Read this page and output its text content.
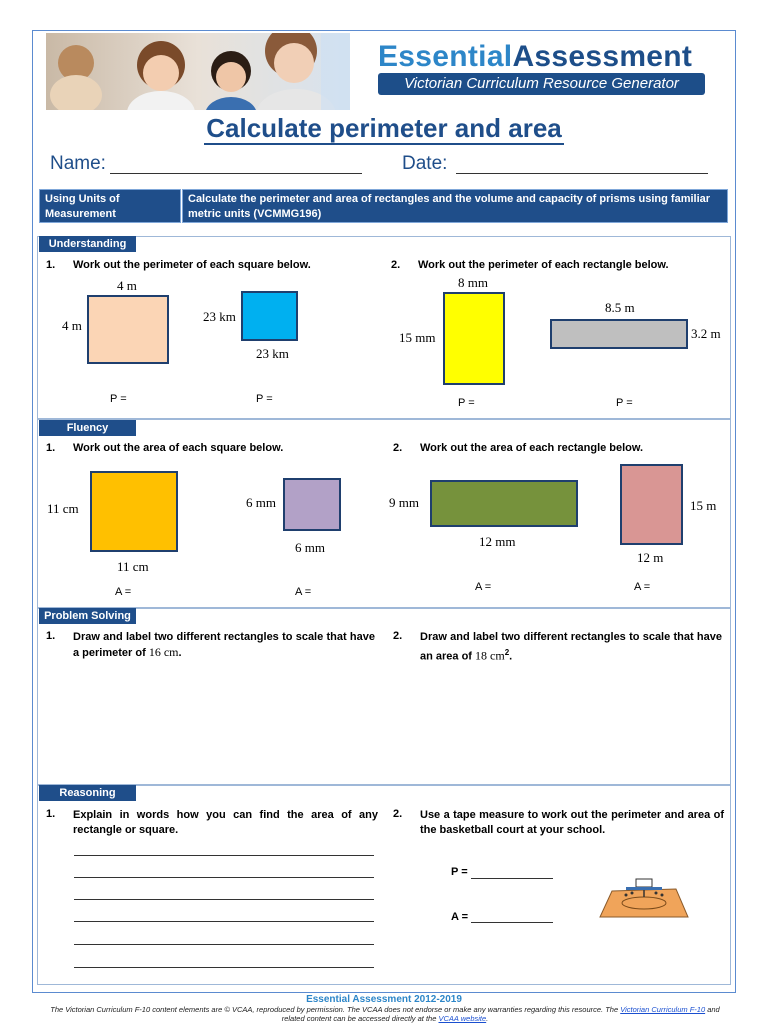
EssentialAssessment
Victorian Curriculum Resource Generator
Calculate perimeter and area
Name:	Date:
Using Units of Measurement
Calculate the perimeter and area of rectangles and the volume and capacity of prisms using familiar metric units (VCMMG196)
Understanding
1. Work out the perimeter of each square below.	2. Work out the perimeter of each rectangle below.
4 m
4 m
P =
23 km
23 km
P =
8 mm
15 mm
P =
8.5 m
3.2 m
P =
Fluency
1. Work out the area of each square below.	2. Work out the area of each rectangle below.
11 cm
11 cm
A =
6 mm
6 mm
A =
9 mm
12 mm
A =
15 m
12 m
A =
Problem Solving
1. Draw and label two different rectangles to scale that have a perimeter of 16 cm.
2. Draw and label two different rectangles to scale that have an area of 18 $cm^2$.
Reasoning
1. Explain in words how you can find the area of any rectangle or square.
2. Use a tape measure to work out the perimeter and area of the basketball court at your school.
P =
A =
Essential Assessment 2012-2019
The Victorian Curriculum F-10 content elements are © VCAA, reproduced by permission. The VCAA does not endorse or make any warranties regarding this resource. The Victorian Curriculum F-10 and related content can be accessed directly at the VCAA website.
